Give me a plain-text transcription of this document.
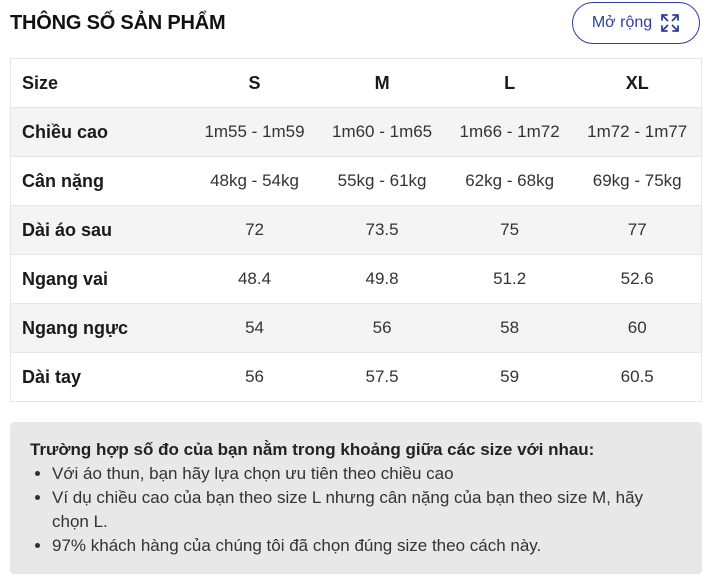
THÔNG SỐ SẢN PHẨM	Mở rộng
Size	S	M	L	XL
Chiều cao	1m55 - 1m59	1m60 - 1m65	1m66 - 1m72	1m72 - 1m77
Cân nặng	48kg - 54kg	55kg - 61kg	62kg - 68kg	69kg - 75kg
Dài áo sau	72	73.5	75	77
Ngang vai	48.4	49.8	51.2	52.6
Ngang ngực	54	56	58	60
Dài tay	56	57.5	59	60.5

Trường hợp số đo của bạn nằm trong khoảng giữa các size với nhau:

• Với áo thun, bạn hãy lựa chọn ưu tiên theo chiều cao
• Ví dụ chiều cao của bạn theo size L nhưng cân nặng của bạn theo size M, hãy chọn L.
• 97% khách hàng của chúng tôi đã chọn đúng size theo cách này.
